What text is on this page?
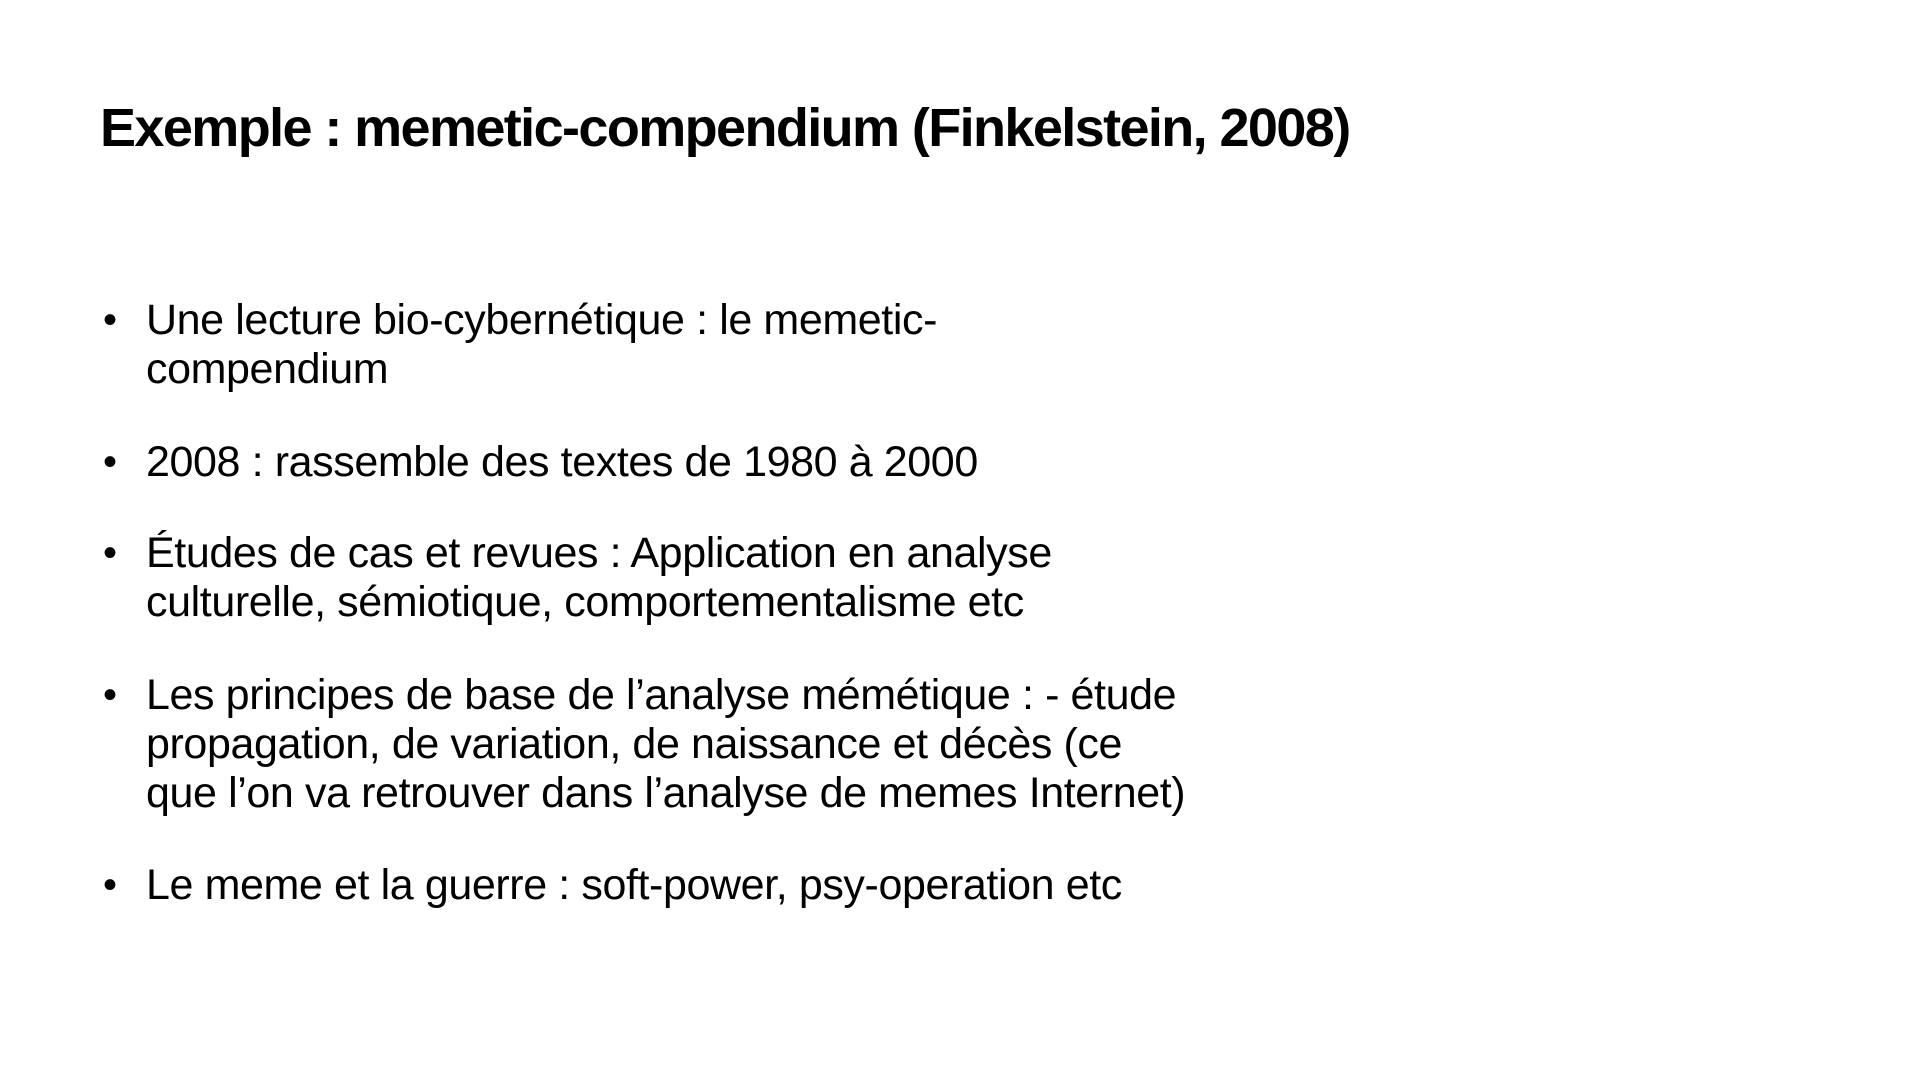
Exemple : memetic-compendium (Finkelstein, 2008)
• Une lecture bio-cybernétique : le memetic-
compendium
• 2008 : rassemble des textes de 1980 à 2000
• Études de cas et revues : Application en analyse
culturelle, sémiotique, comportementalisme etc
• Les principes de base de l’analyse mémétique : - étude
propagation, de variation, de naissance et décès (ce
que l’on va retrouver dans l’analyse de memes Internet)
• Le meme et la guerre : soft-power, psy-operation etc
